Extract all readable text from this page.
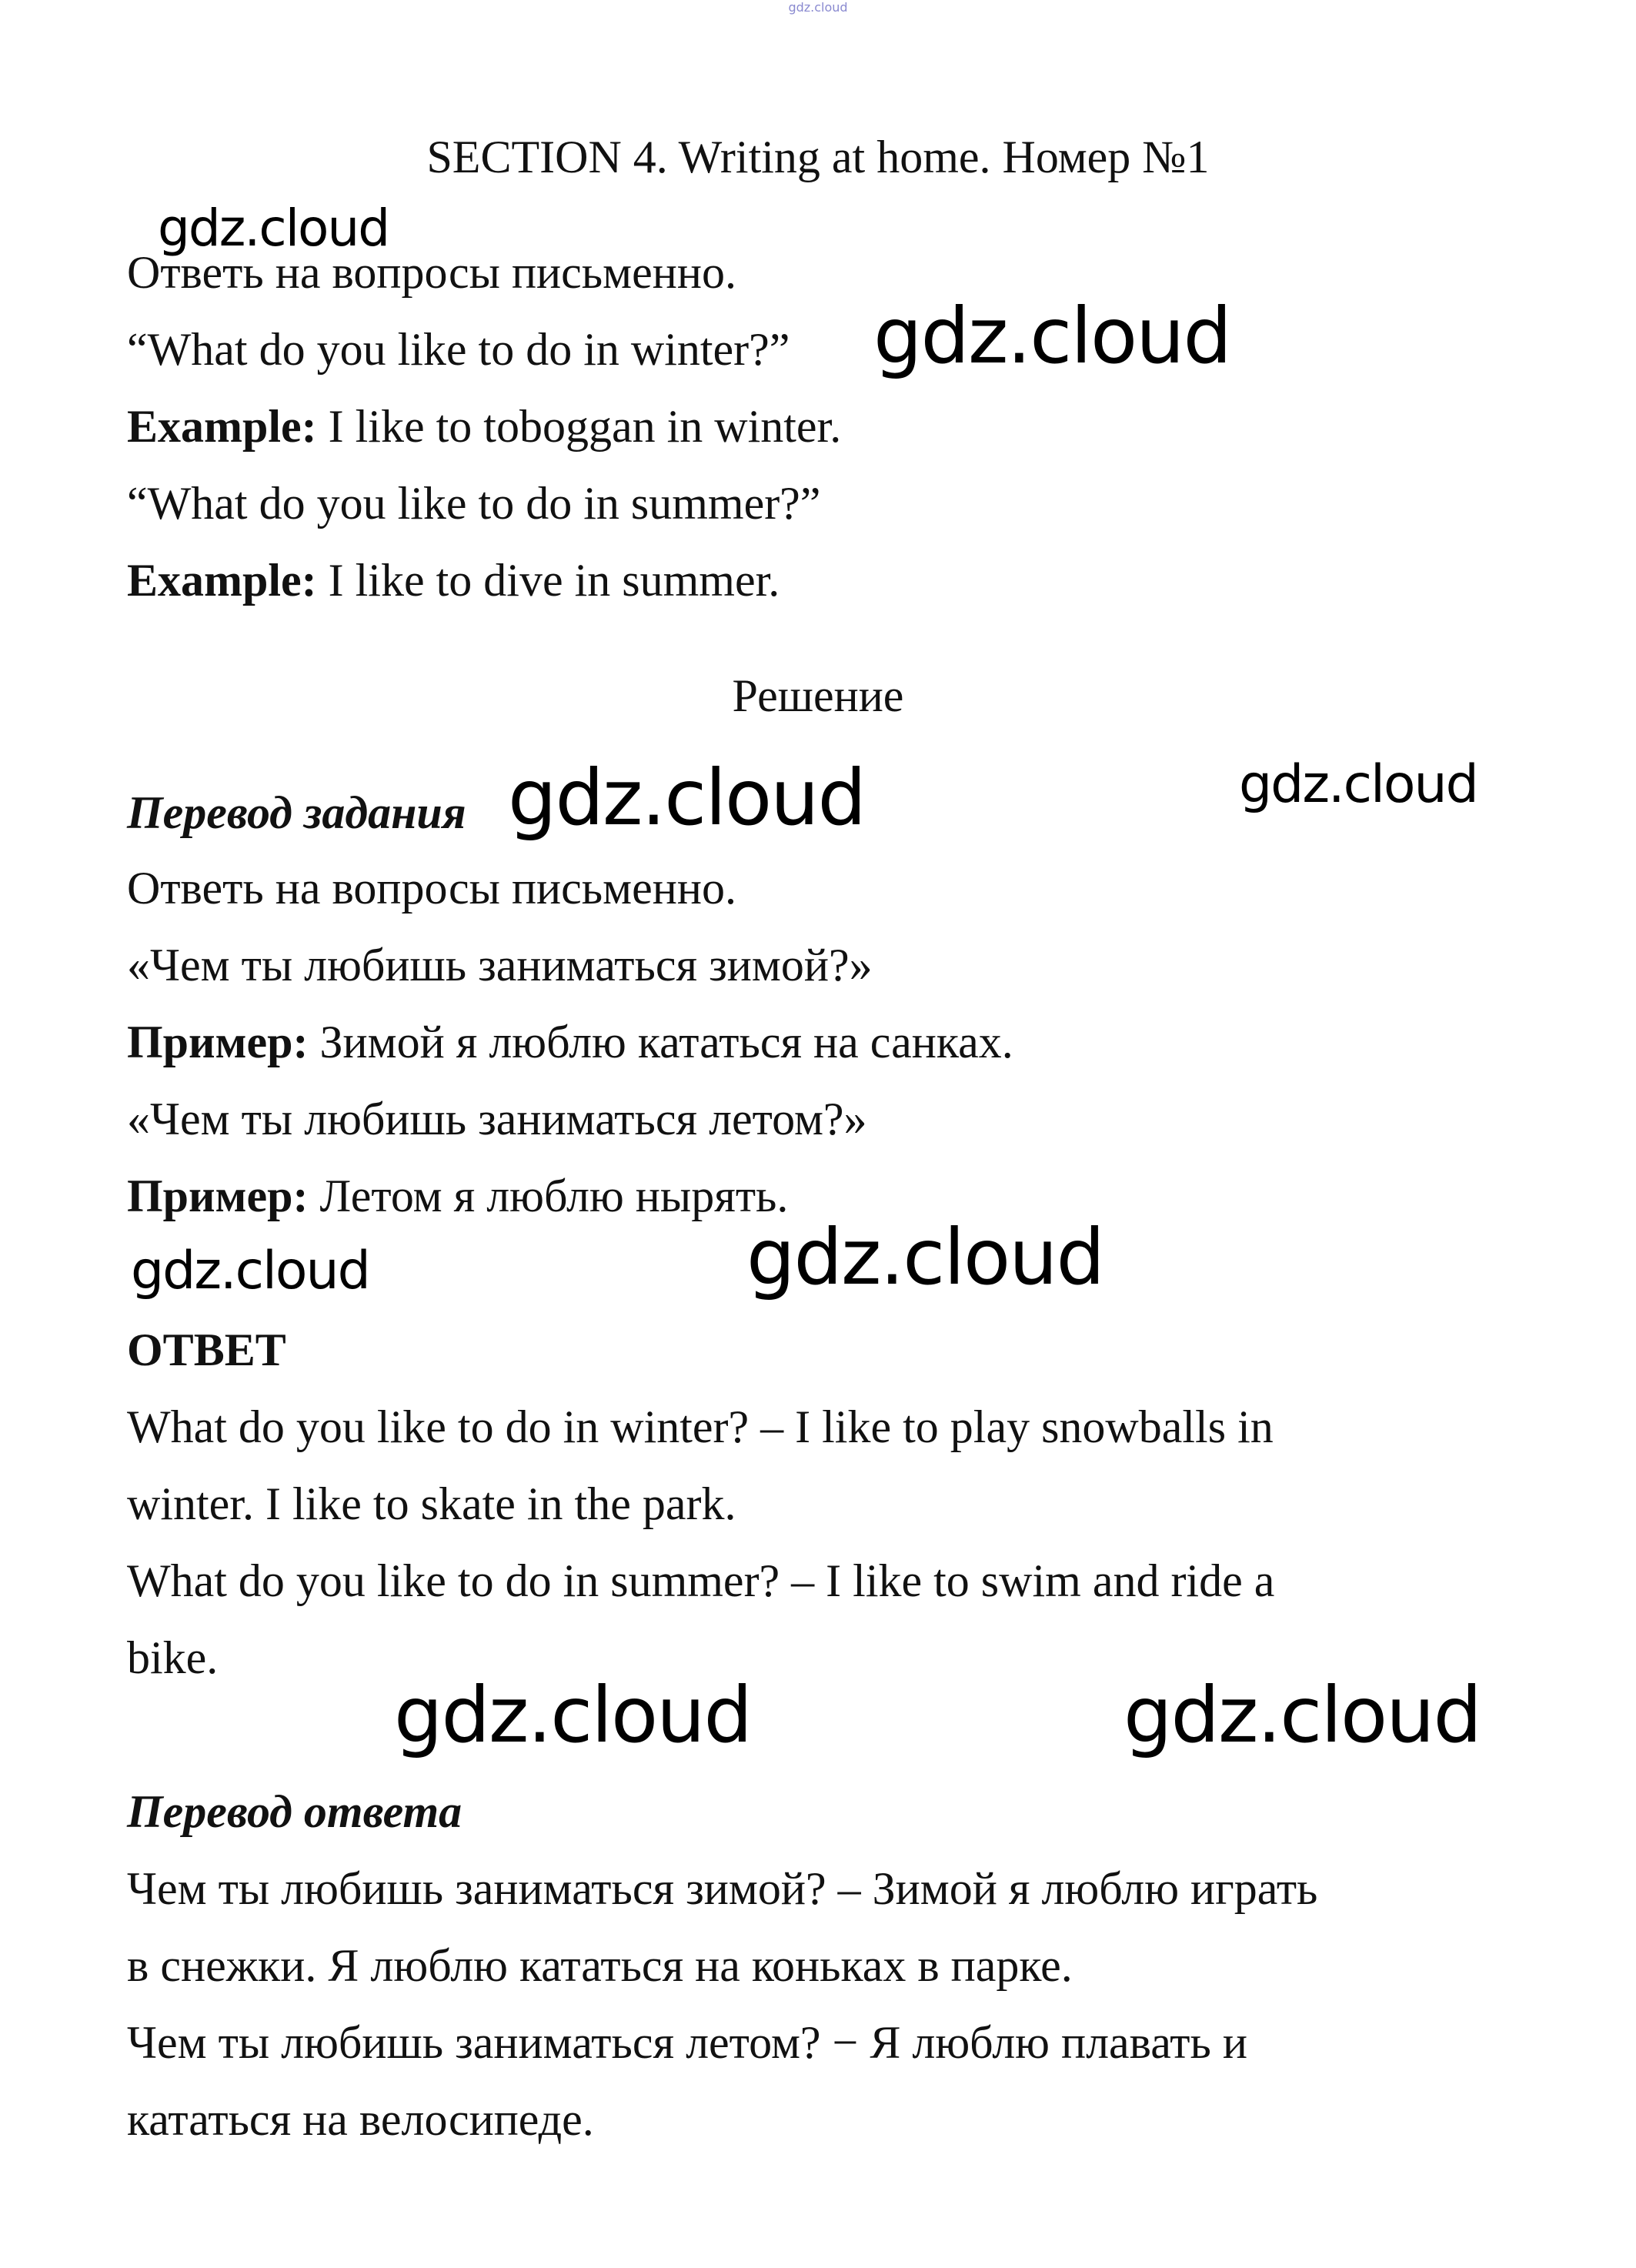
gdz.cloud
SECTION 4. Writing at home. Номер №1
Ответь на вопросы письменно.
“What do you like to do in winter?”
Example: I like to toboggan in winter.
“What do you like to do in summer?”
Example: I like to dive in summer.
Решение
Перевод задания
Ответь на вопросы письменно.
«Чем ты любишь заниматься зимой?»
Пример: Зимой я люблю кататься на санках.
«Чем ты любишь заниматься летом?»
Пример: Летом я люблю нырять.
ОТВЕТ
What do you like to do in winter? – I like to play snowballs in
winter. I like to skate in the park.
What do you like to do in summer? – I like to swim and ride a
bike.
Перевод ответа
Чем ты любишь заниматься зимой? – Зимой я люблю играть
в снежки. Я люблю кататься на коньках в парке.
Чем ты любишь заниматься летом? − Я люблю плавать и
кататься на велосипеде.
gdz.cloud
gdz.cloud
gdz.cloud	gdz.cloud
gdz.cloud	gdz.cloud
gdz.cloud	gdz.cloud
